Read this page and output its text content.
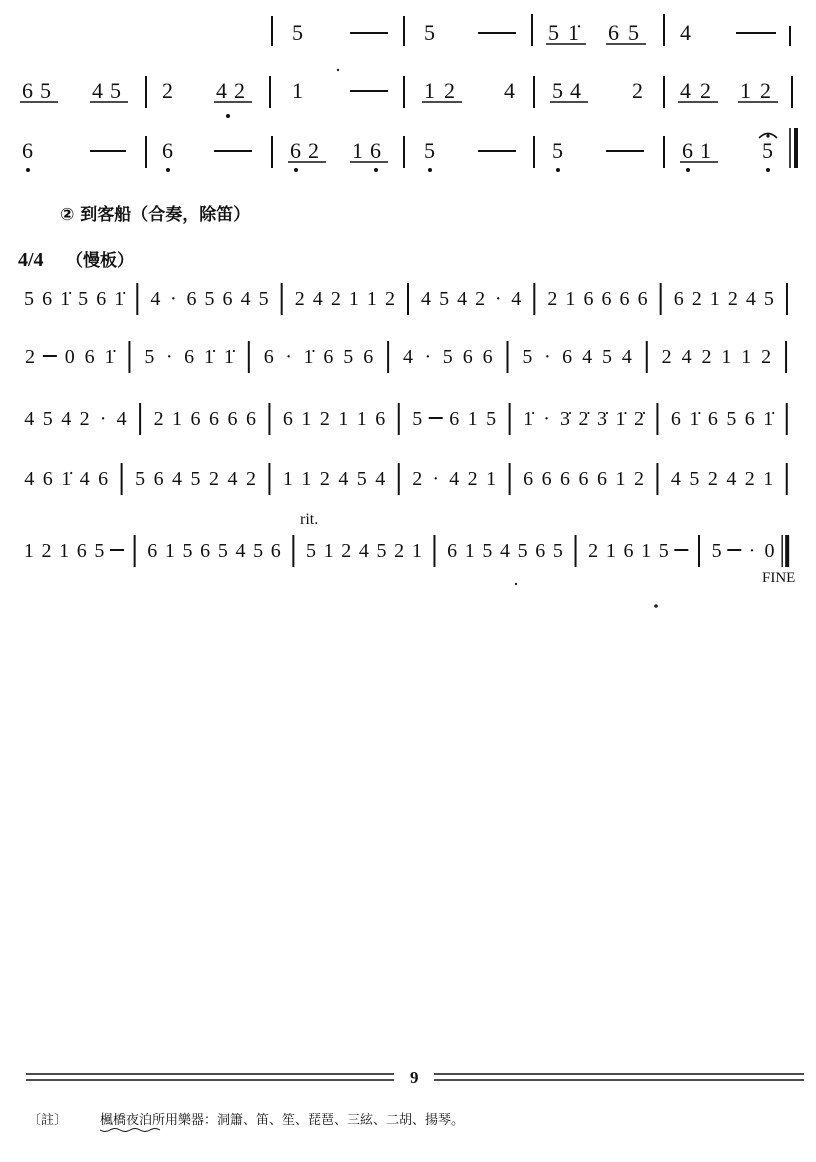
5	5	5 1̇ 6 5 4
6 5 4 5 2 4 2 1	1 2 4 5 4 2 4 2 1 2
6	6	6 2 1 6 5	5	6 1 5
② 到客船（合奏，除笛）
4/4 （慢板）
5 6 1̇ 5 6 1̇ 4 · 6 5 6 4 5 2 4 2 1 1 2 4 5 4 2 · 4 2 1 6 6 6 6 6 2 1 2 4 5
2 0 6 1̇ 5 · 6 1̇ 1̇ 6 · 1̇ 6 5 6 4 · 5 6 6 5 · 6 4 5 4 2 4 2 1 1 2
4 5 4 2 · 4 2 1 6 6 6 6 6 1 2 1 1 6 5 6 1 5 1̇ · 3̇ 2̇ 3̇ 1̇ 2̇ 6 1̇ 6 5 6 1̇
4 6 1̇ 4 6 5 6 4 5 2 4 2 1 1 2 4 5 4 2 · 4 2 1 6 6 6 6 6 1 2 4 5 2 4 2 1
1 2 1 6 5 6 1 5 6 5 4 5 6 5 1 2 4 5 2 1 6 1 5 4 5 6 5 2 1 6 1 5 5 · 0
rit.
FINE
9
〔註〕	楓橋夜泊所用樂器：洞簫、笛、笙、琵琶、三絃、二胡、揚琴。
